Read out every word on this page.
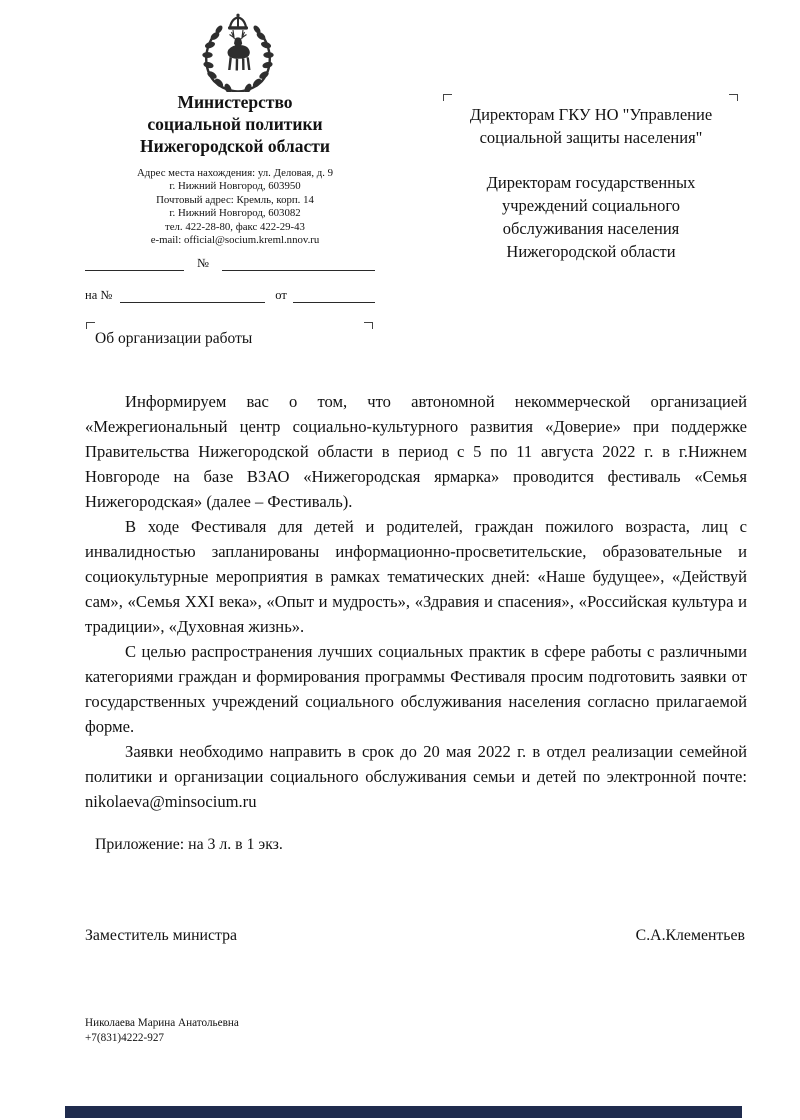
Министерство
социальной политики
Нижегородской области
Адрес места нахождения: ул. Деловая, д. 9
г. Нижний Новгород, 603950
Почтовый адрес: Кремль, корп. 14
г. Нижний Новгород, 603082
тел. 422-28-80, факс 422-29-43
e-mail: official@socium.kreml.nnov.ru
№
на №	от
Об организации работы
Директорам ГКУ НО "Управление
социальной защиты населения"
Директорам государственных
учреждений социального
обслуживания населения
Нижегородской области

Информируем вас о том, что автономной некоммерческой организацией «Межрегиональный центр социально-культурного развития «Доверие» при поддержке Правительства Нижегородской области в период с 5 по 11 августа 2022 г. в г.Нижнем Новгороде на базе ВЗАО «Нижегородская ярмарка» проводится фестиваль «Семья Нижегородская» (далее – Фестиваль).

В ходе Фестиваля для детей и родителей, граждан пожилого возраста, лиц с инвалидностью запланированы информационно-просветительские, образовательные и социокультурные мероприятия в рамках тематических дней: «Наше будущее», «Действуй сам», «Семья XXI века», «Опыт и мудрость», «Здравия и спасения», «Российская культура и традиции», «Духовная жизнь».

С целью распространения лучших социальных практик в сфере работы с различными категориями граждан и формирования программы Фестиваля просим подготовить заявки от государственных учреждений социального обслуживания населения согласно прилагаемой форме.

Заявки необходимо направить в срок до 20 мая 2022 г. в отдел реализации семейной политики и организации социального обслуживания семьи и детей по электронной почте: nikolaeva@minsocium.ru

Приложение: на 3 л. в 1 экз.
Заместитель министра	С.А.Клементьев
Николаева Марина Анатольевна
+7(831)4222-927
